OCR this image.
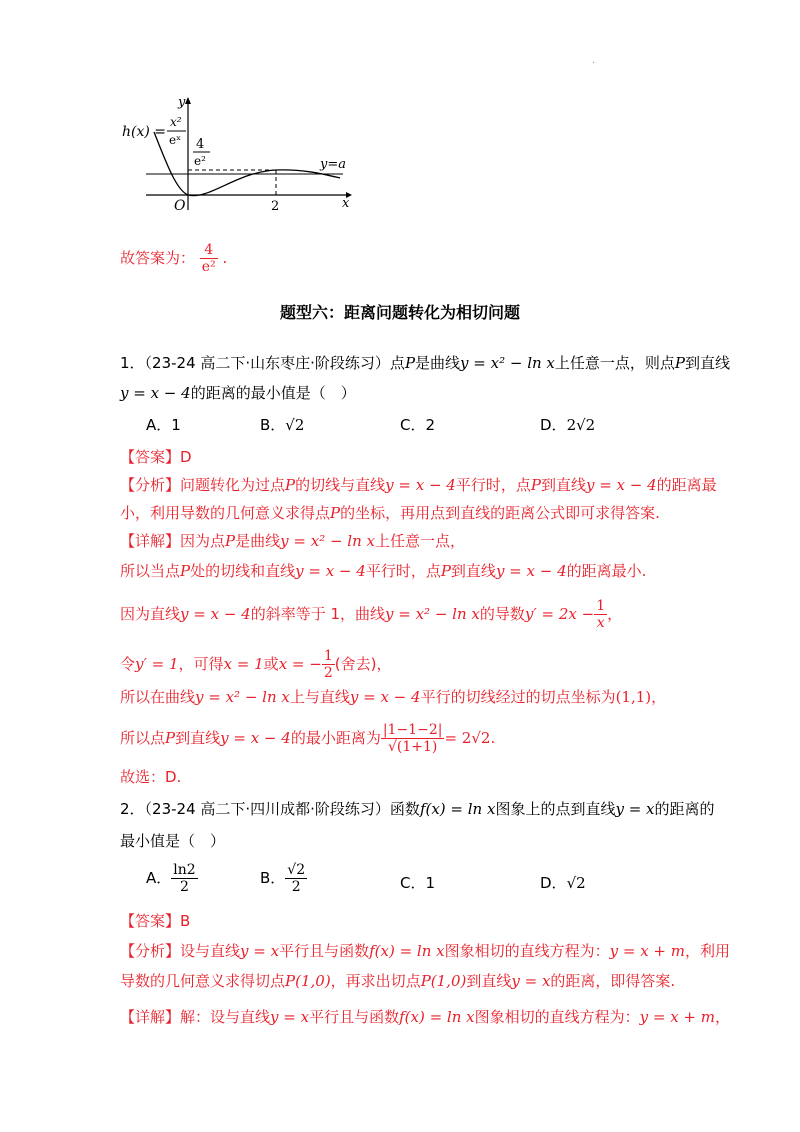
·
y
x
O	2
4
e²	y=a
h(x) =
x²
eˣ
故答案为： $\frac{4}{\text{e²}}$ .
题型六：距离问题转化为相切问题
1．（23-24 高二下·山东枣庄·阶段练习）点P是曲线y = x² − ln x上任意一点，则点P到直线
y = x − 4的距离的最小值是（　）
A．1	B．√2	C．2	D．2√2
【答案】D
【分析】问题转化为过点P的切线与直线y = x − 4平行时，点P到直线y = x − 4的距离最
小，利用导数的几何意义求得点P的坐标，再用点到直线的距离公式即可求得答案.
【详解】因为点P是曲线y = x² − ln x上任意一点，
所以当点P处的切线和直线y = x − 4平行时，点P到直线y = x − 4的距离最小.
因为直线y = x − 4的斜率等于 1，曲线y = x² − ln x的导数$y' = 2x - \frac{1}{x}$ ，
令y′ = 1，可得x = 1或x = − $\frac{1}{2}$ (舍去)，
所以在曲线y = x² − ln x上与直线y = x − 4平行的切线经过的切点坐标为(1,1)，
所以点P到直线y = x − 4的最小距离为 $\frac{|1-1-2|}{√(1+1)} = 2√2$.
故选：D.
2．（23-24 高二下·四川成都·阶段练习）函数f(x) = ln x图象上的点到直线y = x的距离的
最小值是（　）
A． $\frac{\ln 2}{2}$	B． $\frac{√2}{2}$	C．1	D．√2
【答案】B
【分析】设与直线y = x平行且与函数f(x) = ln x图象相切的直线方程为：y = x + m，利用
导数的几何意义求得切点P(1,0)，再求出切点P(1,0)到直线y = x的距离，即得答案.
【详解】解：设与直线y = x平行且与函数f(x) = ln x图象相切的直线方程为：y = x + m，
